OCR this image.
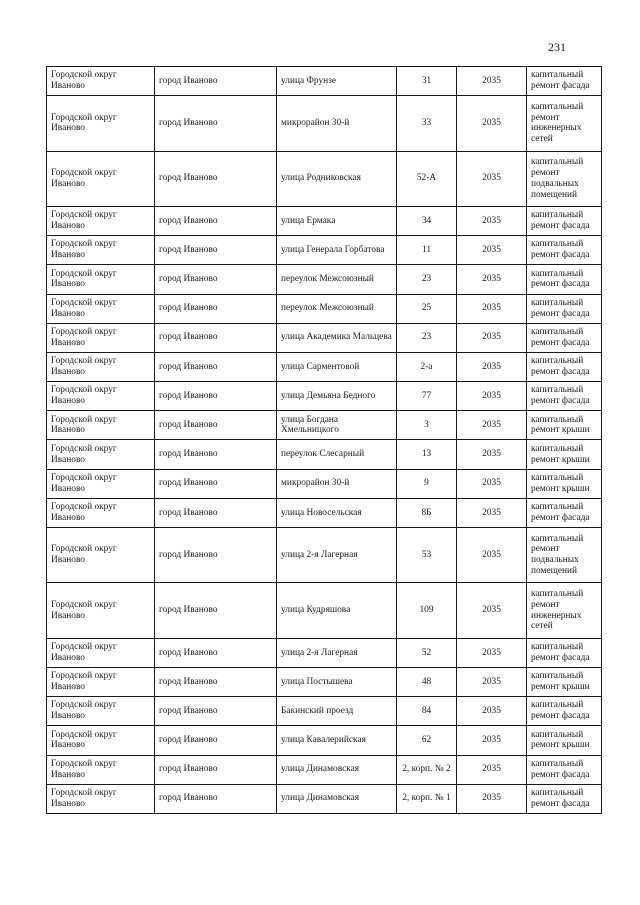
231
Городской округ Иваново	город Иваново	улица Фрунзе	31	2035	капитальный ремонт фасада
Городской округ Иваново	город Иваново	микрорайон 30-й	33	2035	капитальный ремонт инженерных сетей
Городской округ Иваново	город Иваново	улица Родниковская	52-А	2035	капитальный ремонт подвальных помещений
Городской округ Иваново	город Иваново	улица Ермака	34	2035	капитальный ремонт фасада
Городской округ Иваново	город Иваново	улица Генерала Горбатова	11	2035	капитальный ремонт фасада
Городской округ Иваново	город Иваново	переулок Межсоюзный	23	2035	капитальный ремонт фасада
Городской округ Иваново	город Иваново	переулок Межсоюзный	25	2035	капитальный ремонт фасада
Городской округ Иваново	город Иваново	улица Академика Мальцева	23	2035	капитальный ремонт фасада
Городской округ Иваново	город Иваново	улица Сарментовой	2-а	2035	капитальный ремонт фасада
Городской округ Иваново	город Иваново	улица Демьяна Бедного	77	2035	капитальный ремонт фасада
Городской округ Иваново	город Иваново	улица Богдана Хмельницкого	3	2035	капитальный ремонт крыши
Городской округ Иваново	город Иваново	переулок Слесарный	13	2035	капитальный ремонт крыши
Городской округ Иваново	город Иваново	микрорайон 30-й	9	2035	капитальный ремонт крыши
Городской округ Иваново	город Иваново	улица Новосельская	8Б	2035	капитальный ремонт фасада
Городской округ Иваново	город Иваново	улица 2-я Лагерная	53	2035	капитальный ремонт подвальных помещений
Городской округ Иваново	город Иваново	улица Кудряшова	109	2035	капитальный ремонт инженерных сетей
Городской округ Иваново	город Иваново	улица 2-я Лагерная	52	2035	капитальный ремонт фасада
Городской округ Иваново	город Иваново	улица Постышева	48	2035	капитальный ремонт крыши
Городской округ Иваново	город Иваново	Бакинский проезд	84	2035	капитальный ремонт фасада
Городской округ Иваново	город Иваново	улица Кавалерийская	62	2035	капитальный ремонт крыши
Городской округ Иваново	город Иваново	улица Динамовская	2, корп. № 2	2035	капитальный ремонт фасада
Городской округ Иваново	город Иваново	улица Динамовская	2, корп. № 1	2035	капитальный ремонт фасада
